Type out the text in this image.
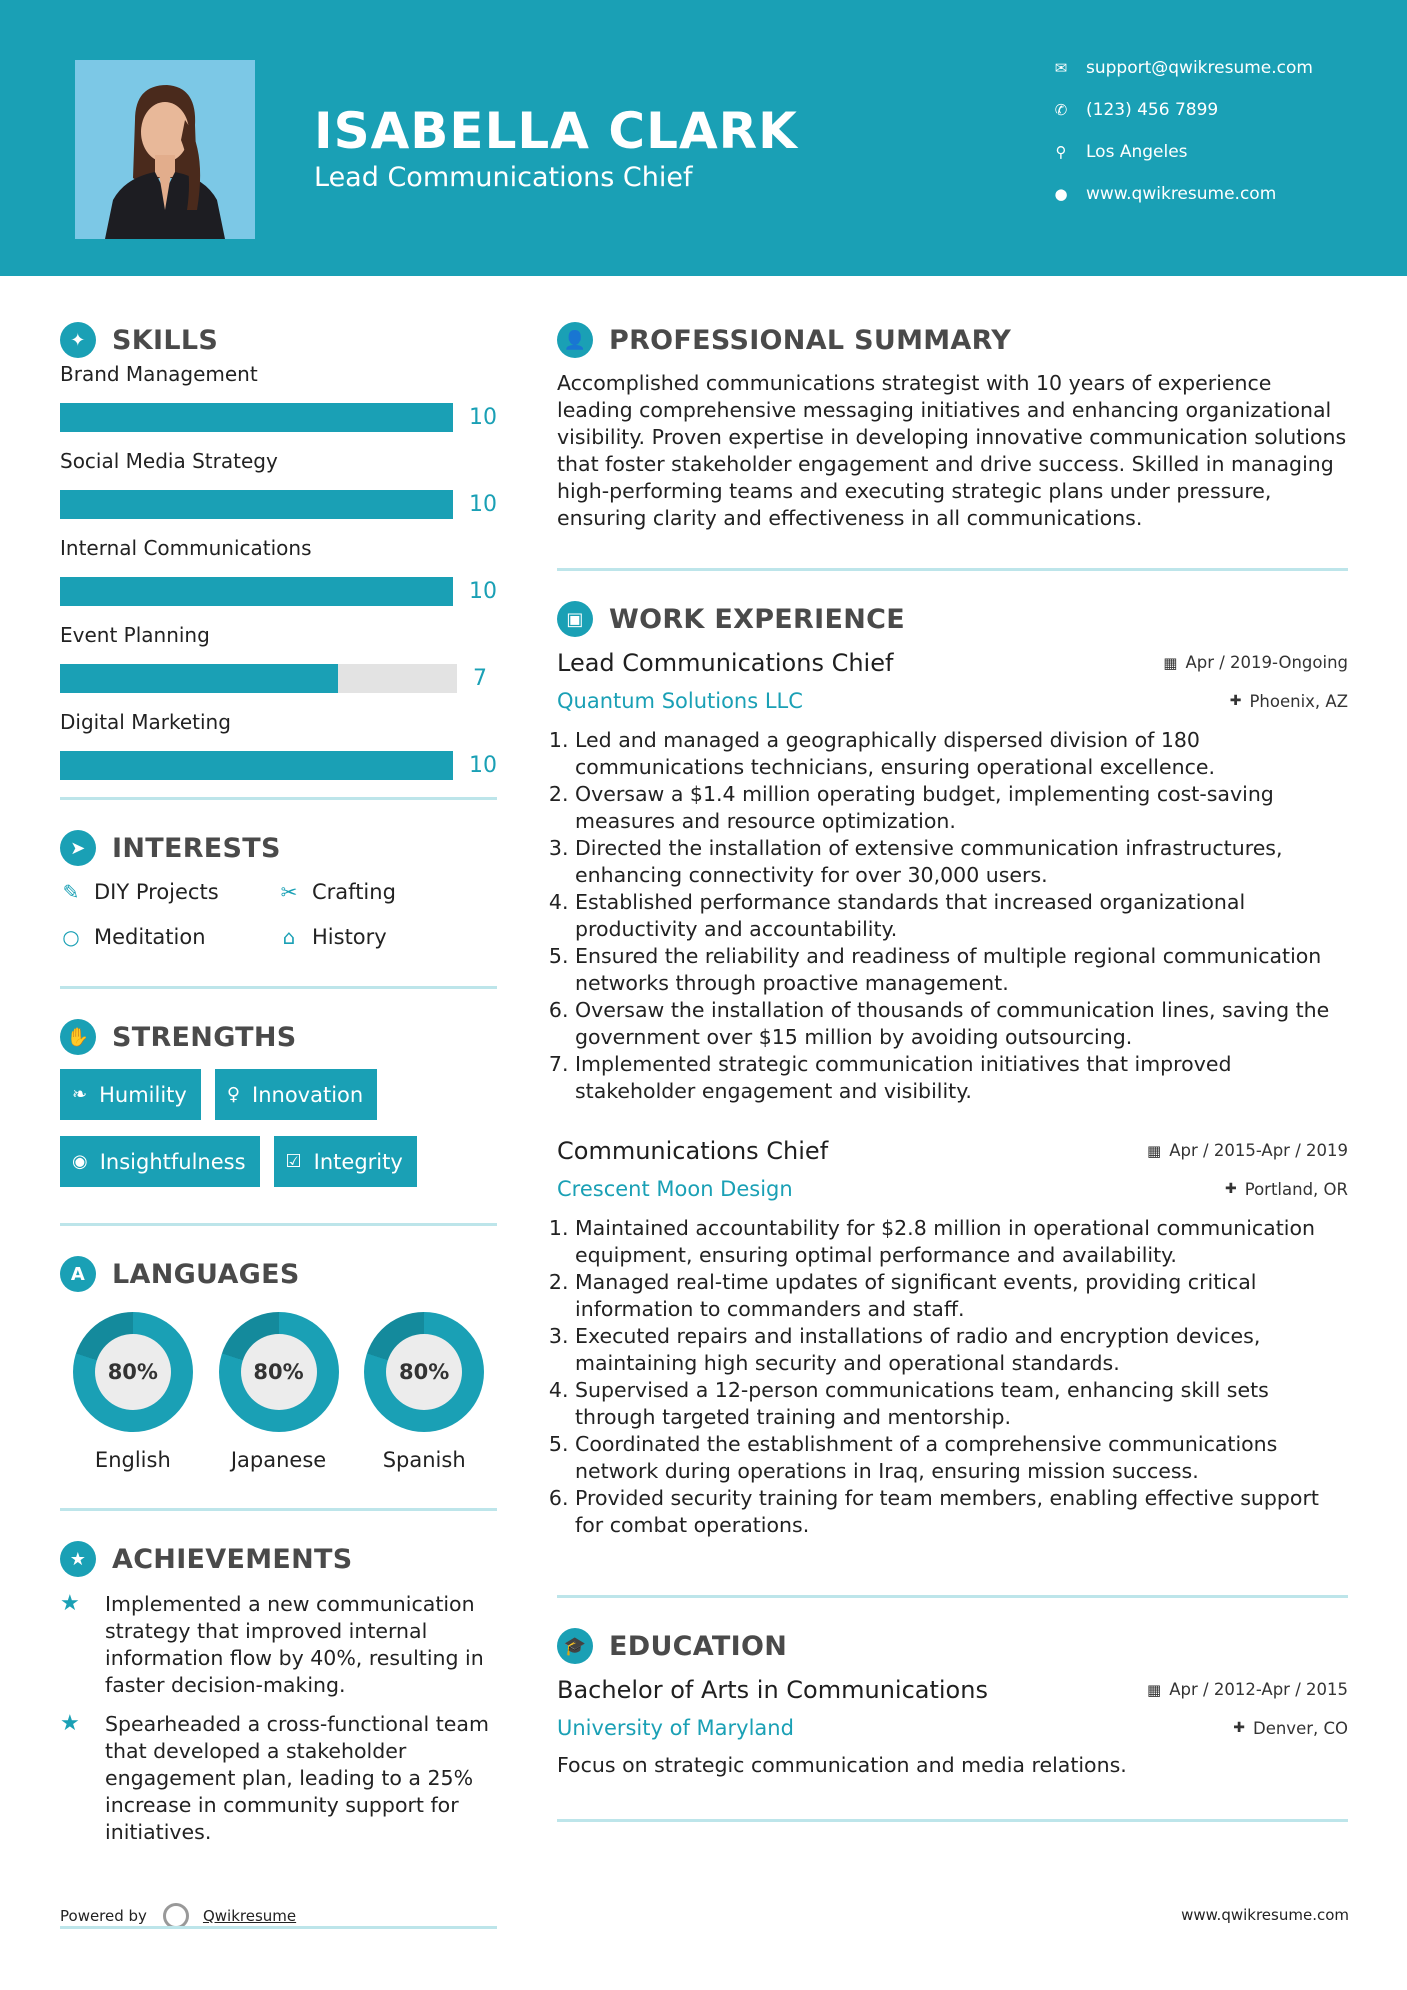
ISABELLA CLARK
Lead Communications Chief
✉ support@qwikresume.com
✆ (123) 456 7899
⚲	Los Angeles
● www.qwikresume.com
✦ SKILLS
Brand Management
10
Social Media Strategy
10
Internal Communications
10
Event Planning
7
Digital Marketing
10
➤ INTERESTS
✎ DIY Projects	✂ Crafting
○ Meditation	⌂ History
✋ STRENGTHS
❧ Humility ♀ Innovation
◉ Insightfulness ☑ Integrity
A LANGUAGES
80%
English
80%
Japanese
80%
Spanish
★ ACHIEVEMENTS
★	Implemented a new communication strategy that improved internal information flow by 40%, resulting in faster decision-making.

★	Spearheaded a cross-functional team that developed a stakeholder engagement plan, leading to a 25% increase in community support for initiatives.

Powered by	Qwikresume
👤 PROFESSIONAL SUMMARY

Accomplished communications strategist with 10 years of experience leading comprehensive messaging initiatives and enhancing organizational visibility. Proven expertise in developing innovative communication solutions that foster stakeholder engagement and drive success. Skilled in managing high-performing teams and executing strategic plans under pressure, ensuring clarity and effectiveness in all communications.

▣ WORK EXPERIENCE
Lead Communications Chief	▦ Apr / 2019-Ongoing
Quantum Solutions LLC	✚ Phoenix, AZ
1. Led and managed a geographically dispersed division of 180 communications technicians, ensuring operational excellence.
2. Oversaw a $1.4 million operating budget, implementing cost-saving measures and resource optimization.
3. Directed the installation of extensive communication infrastructures, enhancing connectivity for over 30,000 users.
4. Established performance standards that increased organizational productivity and accountability.
5. Ensured the reliability and readiness of multiple regional communication networks through proactive management.
6. Oversaw the installation of thousands of communication lines, saving the government over $15 million by avoiding outsourcing.
7. Implemented strategic communication initiatives that improved stakeholder engagement and visibility.
Communications Chief	▦ Apr / 2015-Apr / 2019
Crescent Moon Design	✚ Portland, OR
1. Maintained accountability for $2.8 million in operational communication equipment, ensuring optimal performance and availability.
2. Managed real-time updates of significant events, providing critical information to commanders and staff.
3. Executed repairs and installations of radio and encryption devices, maintaining high security and operational standards.
4. Supervised a 12-person communications team, enhancing skill sets through targeted training and mentorship.
5. Coordinated the establishment of a comprehensive communications network during operations in Iraq, ensuring mission success.
6. Provided security training for team members, enabling effective support for combat operations.
🎓 EDUCATION
Bachelor of Arts in Communications	▦ Apr / 2012-Apr / 2015
University of Maryland	✚ Denver, CO

Focus on strategic communication and media relations.

www.qwikresume.com
